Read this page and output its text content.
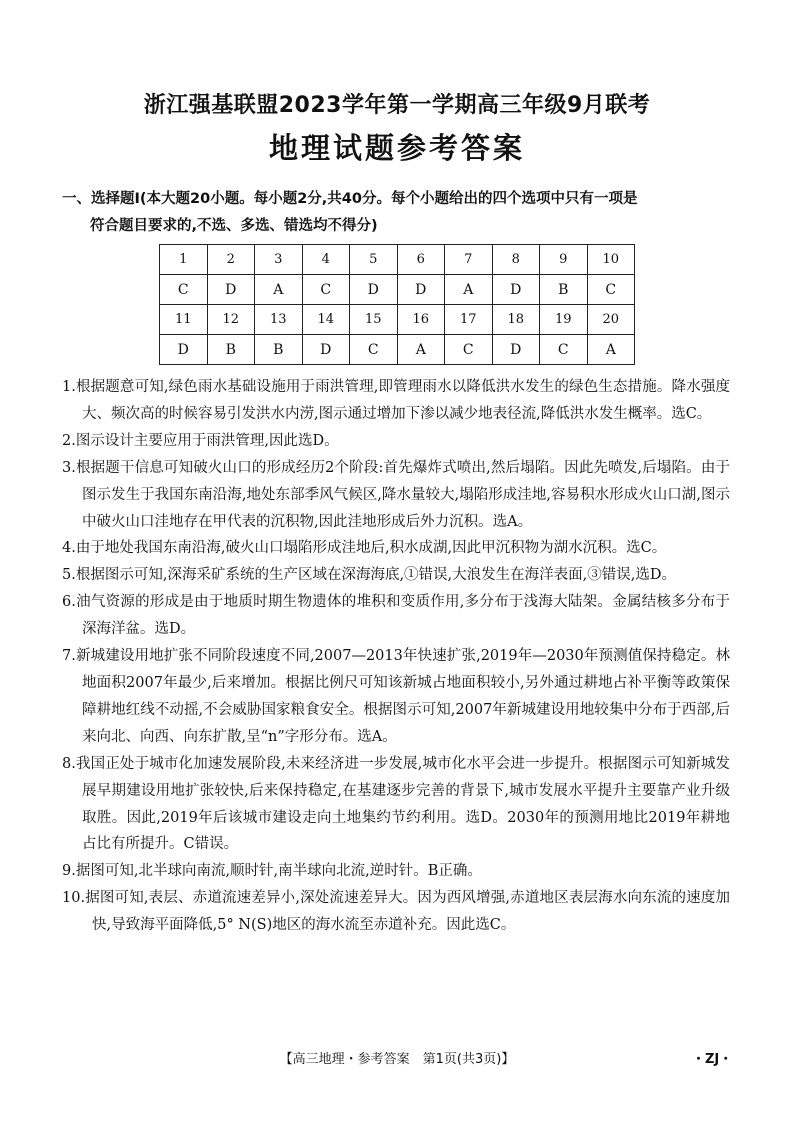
浙江强基联盟2023学年第一学期高三年级9月联考
地理试题参考答案
一、选择题Ⅰ(本大题20小题。每小题2分,共40分。每个小题给出的四个选项中只有一项是
符合题目要求的,不选、多选、错选均不得分)
1	2	3	4	5	6	7	8	9	10
C	D	A	C	D	D	A	D	B	C
11	12	13	14	15	16	17	18	19	20
D	B	B	D	C	A	C	D	C	A

1.根据题意可知,绿色雨水基础设施用于雨洪管理,即管理雨水以降低洪水发生的绿色生态措施。降水强度大、频次高的时候容易引发洪水内涝,图示通过增加下渗以减少地表径流,降低洪水发生概率。选C。

2.图示设计主要应用于雨洪管理,因此选D。

3.根据题干信息可知破火山口的形成经历2个阶段:首先爆炸式喷出,然后塌陷。因此先喷发,后塌陷。由于图示发生于我国东南沿海,地处东部季风气候区,降水量较大,塌陷形成洼地,容易积水形成火山口湖,图示中破火山口洼地存在甲代表的沉积物,因此洼地形成后外力沉积。选A。

4.由于地处我国东南沿海,破火山口塌陷形成洼地后,积水成湖,因此甲沉积物为湖水沉积。选C。

5.根据图示可知,深海采矿系统的生产区域在深海海底,①错误,大浪发生在海洋表面,③错误,选D。

6.油气资源的形成是由于地质时期生物遗体的堆积和变质作用,多分布于浅海大陆架。金属结核多分布于深海洋盆。选D。

7.新城建设用地扩张不同阶段速度不同,2007—2013年快速扩张,2019年—2030年预测值保持稳定。林地面积2007年最少,后来增加。根据比例尺可知该新城占地面积较小,另外通过耕地占补平衡等政策保障耕地红线不动摇,不会威胁国家粮食安全。根据图示可知,2007年新城建设用地较集中分布于西部,后来向北、向西、向东扩散,呈“n”字形分布。选A。

8.我国正处于城市化加速发展阶段,未来经济进一步发展,城市化水平会进一步提升。根据图示可知新城发展早期建设用地扩张较快,后来保持稳定,在基建逐步完善的背景下,城市发展水平提升主要靠产业升级取胜。因此,2019年后该城市建设走向土地集约节约利用。选D。2030年的预测用地比2019年耕地占比有所提升。C错误。

9.据图可知,北半球向南流,顺时针,南半球向北流,逆时针。B正确。

10.据图可知,表层、赤道流速差异小,深处流速差异大。因为西风增强,赤道地区表层海水向东流的速度加快,导致海平面降低,5° N(S)地区的海水流至赤道补充。因此选C。

【高三地理・参考答案　第1页(共3页)】	・ZJ・
